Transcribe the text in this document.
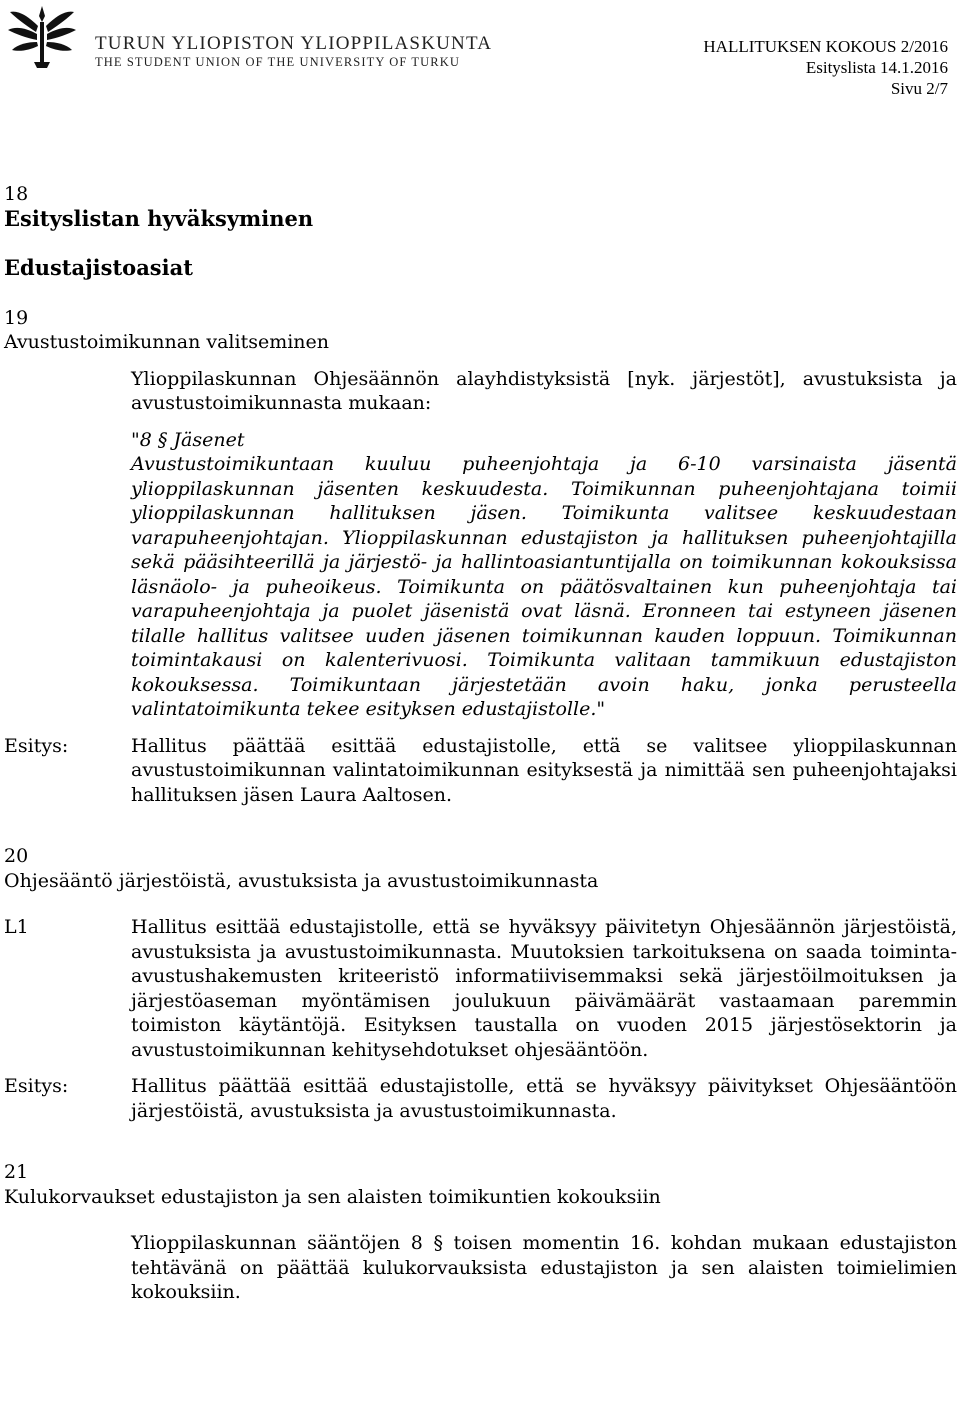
TURUN YLIOPISTON YLIOPPILASKUNTA
THE STUDENT UNION OF THE UNIVERSITY OF TURKU
HALLITUKSEN KOKOUS 2/2016
Esityslista 14.1.2016
Sivu 2/7

18

Esityslistan hyväksyminen

Edustajistoasiat

19

Avustustoimikunnan valitseminen

Ylioppilaskunnan Ohjesäännön alayhdistyksistä [nyk. järjestöt], avustuksista ja avustustoimikunnasta mukaan:

"8 § Jäsenet

Avustustoimikuntaan kuuluu puheenjohtaja ja 6-10 varsinaista jäsentä ylioppilaskunnan jäsenten keskuudesta. Toimikunnan puheenjohtajana toimii ylioppilaskunnan hallituksen jäsen. Toimikunta valitsee keskuudestaan varapuheenjohtajan. Ylioppilaskunnan edustajiston ja hallituksen puheenjohtajilla sekä pääsihteerillä ja järjestö- ja hallintoasiantuntijalla on toimikunnan kokouksissa läsnäolo- ja puheoikeus. Toimikunta on päätösvaltainen kun puheenjohtaja tai varapuheenjohtaja ja puolet jäsenistä ovat läsnä. Eronneen tai estyneen jäsenen tilalle hallitus valitsee uuden jäsenen toimikunnan kauden loppuun. Toimikunnan toimintakausi on kalenterivuosi. Toimikunta valitaan tammikuun edustajiston kokouksessa. Toimikuntaan järjestetään avoin haku, jonka perusteella valintatoimikunta tekee esityksen edustajistolle."

Esitys:	Hallitus päättää esittää edustajistolle, että se valitsee ylioppilaskunnan avustustoimikunnan valintatoimikunnan esityksestä ja nimittää sen puheenjohtajaksi hallituksen jäsen Laura Aaltosen.

20

Ohjesääntö järjestöistä, avustuksista ja avustustoimikunnasta

L1	Hallitus esittää edustajistolle, että se hyväksyy päivitetyn Ohjesäännön järjestöistä, avustuksista ja avustustoimikunnasta. Muutoksien tarkoituksena on saada toiminta-avustushakemusten kriteeristö informatiivisemmaksi sekä järjestöilmoituksen ja järjestöaseman myöntämisen joulukuun päivämäärät vastaamaan paremmin toimiston käytäntöjä. Esityksen taustalla on vuoden 2015 järjestösektorin ja avustustoimikunnan kehitysehdotukset ohjesääntöön.
Esitys:	Hallitus päättää esittää edustajistolle, että se hyväksyy päivitykset Ohjesääntöön järjestöistä, avustuksista ja avustustoimikunnasta.

21

Kulukorvaukset edustajiston ja sen alaisten toimikuntien kokouksiin

Ylioppilaskunnan sääntöjen 8 § toisen momentin 16. kohdan mukaan edustajiston tehtävänä on päättää kulukorvauksista edustajiston ja sen alaisten toimielimien kokouksiin.
